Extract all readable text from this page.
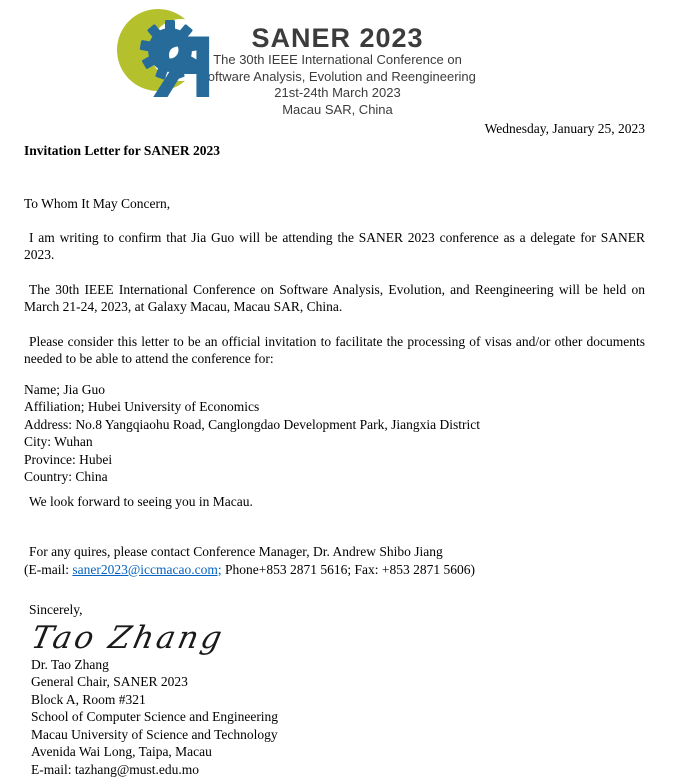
R	SANER 2023
The 30th IEEE International Conference on
Software Analysis, Evolution and Reengineering
21st-24th March 2023
Macau SAR, China
Wednesday, January 25, 2023
Invitation Letter for SANER 2023
To Whom It May Concern,
I am writing to confirm that Jia Guo will be attending the SANER 2023 conference as a delegate for SANER 2023.
The 30th IEEE International Conference on Software Analysis, Evolution, and Reengineering will be held on March 21-24, 2023, at Galaxy Macau, Macau SAR, China.
Please consider this letter to be an official invitation to facilitate the processing of visas and/or other documents needed to be able to attend the conference for:
Name; Jia Guo
Affiliation; Hubei University of Economics
Address: No.8 Yangqiaohu Road, Canglongdao Development Park, Jiangxia District
City: Wuhan
Province: Hubei
Country: China
We look forward to seeing you in Macau.
For any quires, please contact Conference Manager, Dr. Andrew Shibo Jiang
(E-mail: saner2023@iccmacao.com; Phone+853 2871 5616; Fax: +853 2871 5606)
Sincerely,
Tao Zhang
Dr. Tao Zhang
General Chair, SANER 2023
Block A, Room #321
School of Computer Science and Engineering
Macau University of Science and Technology
Avenida Wai Long, Taipa, Macau
E-mail: tazhang@must.edu.mo
